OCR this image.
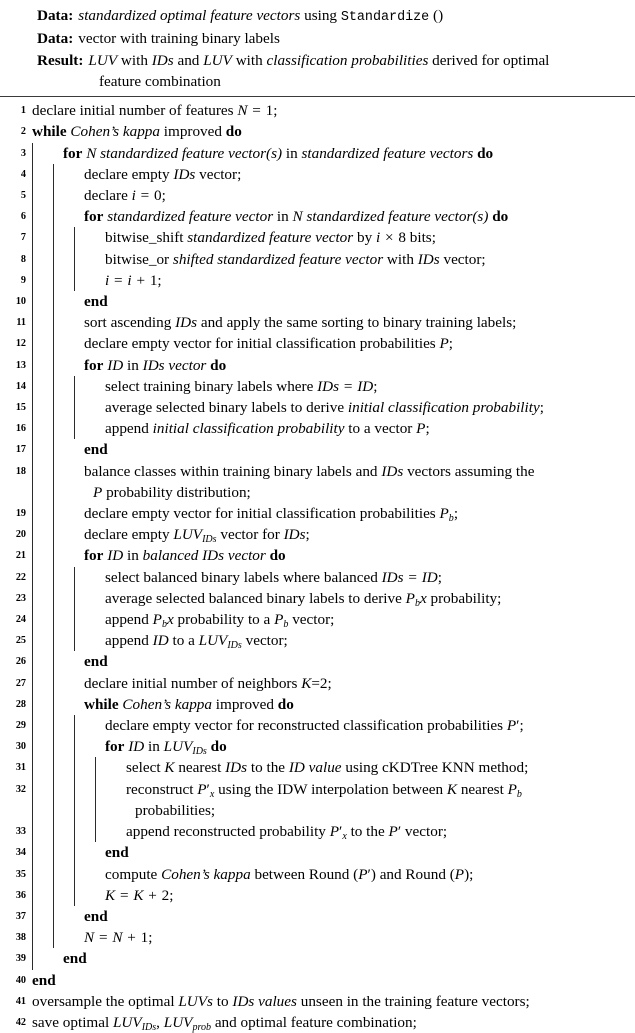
Data: standardized optimal feature vectors using Standardize ()
Data: vector with training binary labels
Result: LUV with IDs and LUV with classification probabilities derived for optimal
feature combination
1 declare initial number of features N = 1;
2 while Cohen’s kappa improved do
3	for N standardized feature vector(s) in standardized feature vectors do
4	declare empty IDs vector;
5	declare i = 0;
6	for standardized feature vector in N standardized feature vector(s) do
7	bitwise_shift standardized feature vector by i × 8 bits;
8	bitwise_or shifted standardized feature vector with IDs vector;
9	i = i + 1;
10	end
11	sort ascending IDs and apply the same sorting to binary training labels;
12	declare empty vector for initial classification probabilities P;
13	for ID in IDs vector do
14	select training binary labels where IDs = ID;
15	average selected binary labels to derive initial classification probability;
16	append initial classification probability to a vector P;
17	end
18	balance classes within training binary labels and IDs vectors assuming the
P probability distribution;
19	declare empty vector for initial classification probabilities $P_b$;
20	declare empty $LUV_{IDs}$ vector for IDs;
21	for ID in balanced IDs vector do
22	select balanced binary labels where balanced IDs = ID;
23	average selected balanced binary labels to derive $P_bx$ probability;
24	append $P_bx$ probability to a $P_b$ vector;
25	append ID to a $LUV_{IDs}$ vector;
26	end
27	declare initial number of neighbors K=2;
28	while Cohen’s kappa improved do
29	declare empty vector for reconstructed classification probabilities P′;
30	for ID in $LUV_{IDs}$ do
31	select K nearest IDs to the ID value using cKDTree KNN method;
32	reconstruct $P'_x$ using the IDW interpolation between K nearest $P_b$
probabilities;
33	append reconstructed probability $P'_x$ to the P′ vector;
34	end
35	compute Cohen’s kappa between Round (P′) and Round (P);
36	K = K + 2;
37	end
38	N = N + 1;
39	end
40 end
41 oversample the optimal LUVs to IDs values unseen in the training feature vectors;
42 save optimal $LUV_{IDs}$, $LUV_{prob}$ and optimal feature combination;
